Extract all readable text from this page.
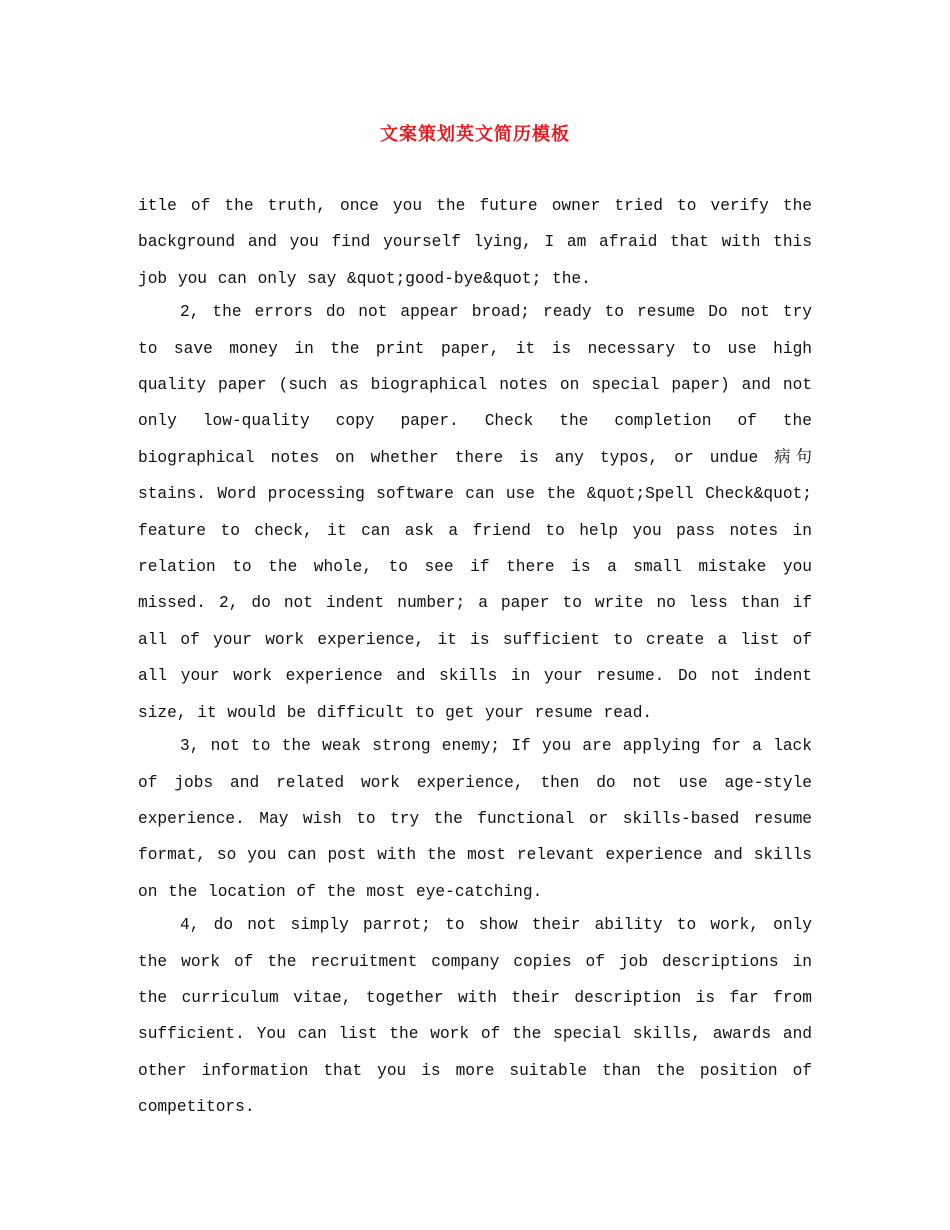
文案策划英文简历模板

itle of the truth, once you the future owner tried to verify the background and you find yourself lying, I am afraid that with this job you can only say &quot;good-bye&quot; the.

2, the errors do not appear broad; ready to resume Do not try to save money in the print paper, it is necessary to use high quality paper (such as biographical notes on special paper) and not only low-quality copy paper. Check the completion of the biographical notes on whether there is any typos, or undue 病句 stains. Word processing software can use the &quot;Spell Check&quot; feature to check, it can ask a friend to help you pass notes in relation to the whole, to see if there is a small mistake you missed. 2, do not indent number; a paper to write no less than if all of your work experience, it is sufficient to create a list of all your work experience and skills in your resume. Do not indent size, it would be difficult to get your resume read.

3, not to the weak strong enemy; If you are applying for a lack of jobs and related work experience, then do not use age-style experience. May wish to try the functional or skills-based resume format, so you can post with the most relevant experience and skills on the location of the most eye-catching.

4, do not simply parrot; to show their ability to work, only the work of the recruitment company copies of job descriptions in the curriculum vitae, together with their description is far from sufficient. You can list the work of the special skills, awards and other information that you is more suitable than the position of competitors.
